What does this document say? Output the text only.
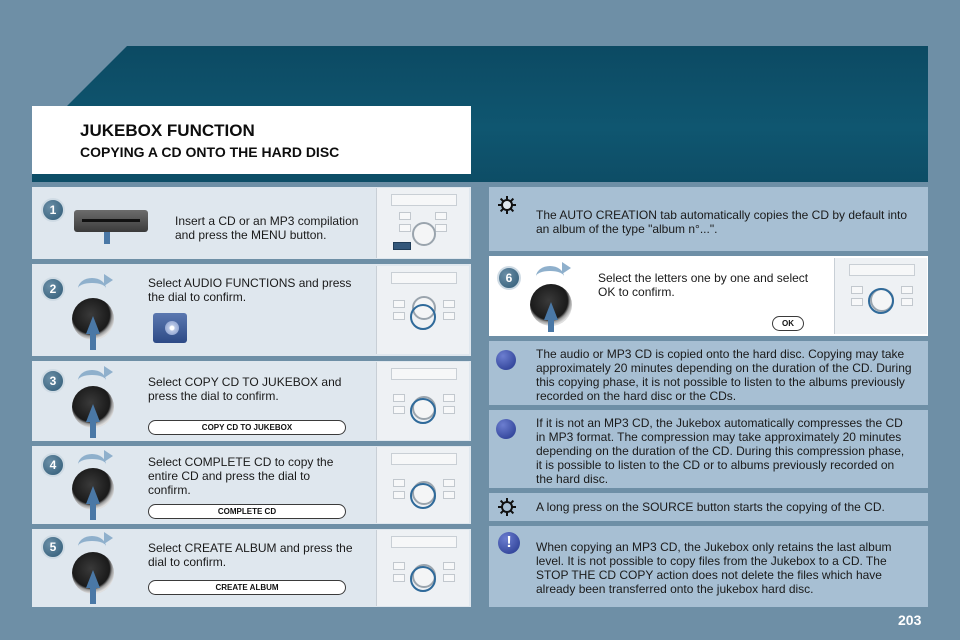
JUKEBOX FUNCTION
COPYING A CD ONTO THE HARD DISC
1
Insert a CD or an MP3 compilation and press the MENU button.
2	Select AUDIO FUNCTIONS and press the dial to confirm.
3	Select COPY CD TO JUKEBOX and press the dial to confirm.
COPY CD TO JUKEBOX
4	Select COMPLETE CD to copy the entire CD and press the dial to confirm.
COMPLETE CD
5	Select CREATE ALBUM and press the dial to confirm.
CREATE ALBUM
The AUTO CREATION tab automatically copies the CD by default into an album of the type "album n°...".
6	Select the letters one by one and select OK to confirm.
OK
The audio or MP3 CD is copied onto the hard disc. Copying may take approximately 20 minutes depending on the duration of the CD. During this copying phase, it is not possible to listen to the albums previously recorded on the hard disc or the CDs.
If it is not an MP3 CD, the Jukebox automatically compresses the CD in MP3 format. The compression may take approximately 20 minutes depending on the duration of the CD. During this compression phase, it is possible to listen to the CD or to albums previously recorded on the hard disc.
A long press on the SOURCE button starts the copying of the CD.
!	When copying an MP3 CD, the Jukebox only retains the last album level. It is not possible to copy files from the Jukebox to a CD. The STOP THE CD COPY action does not delete the files which have already been transferred onto the jukebox hard disc.
203
